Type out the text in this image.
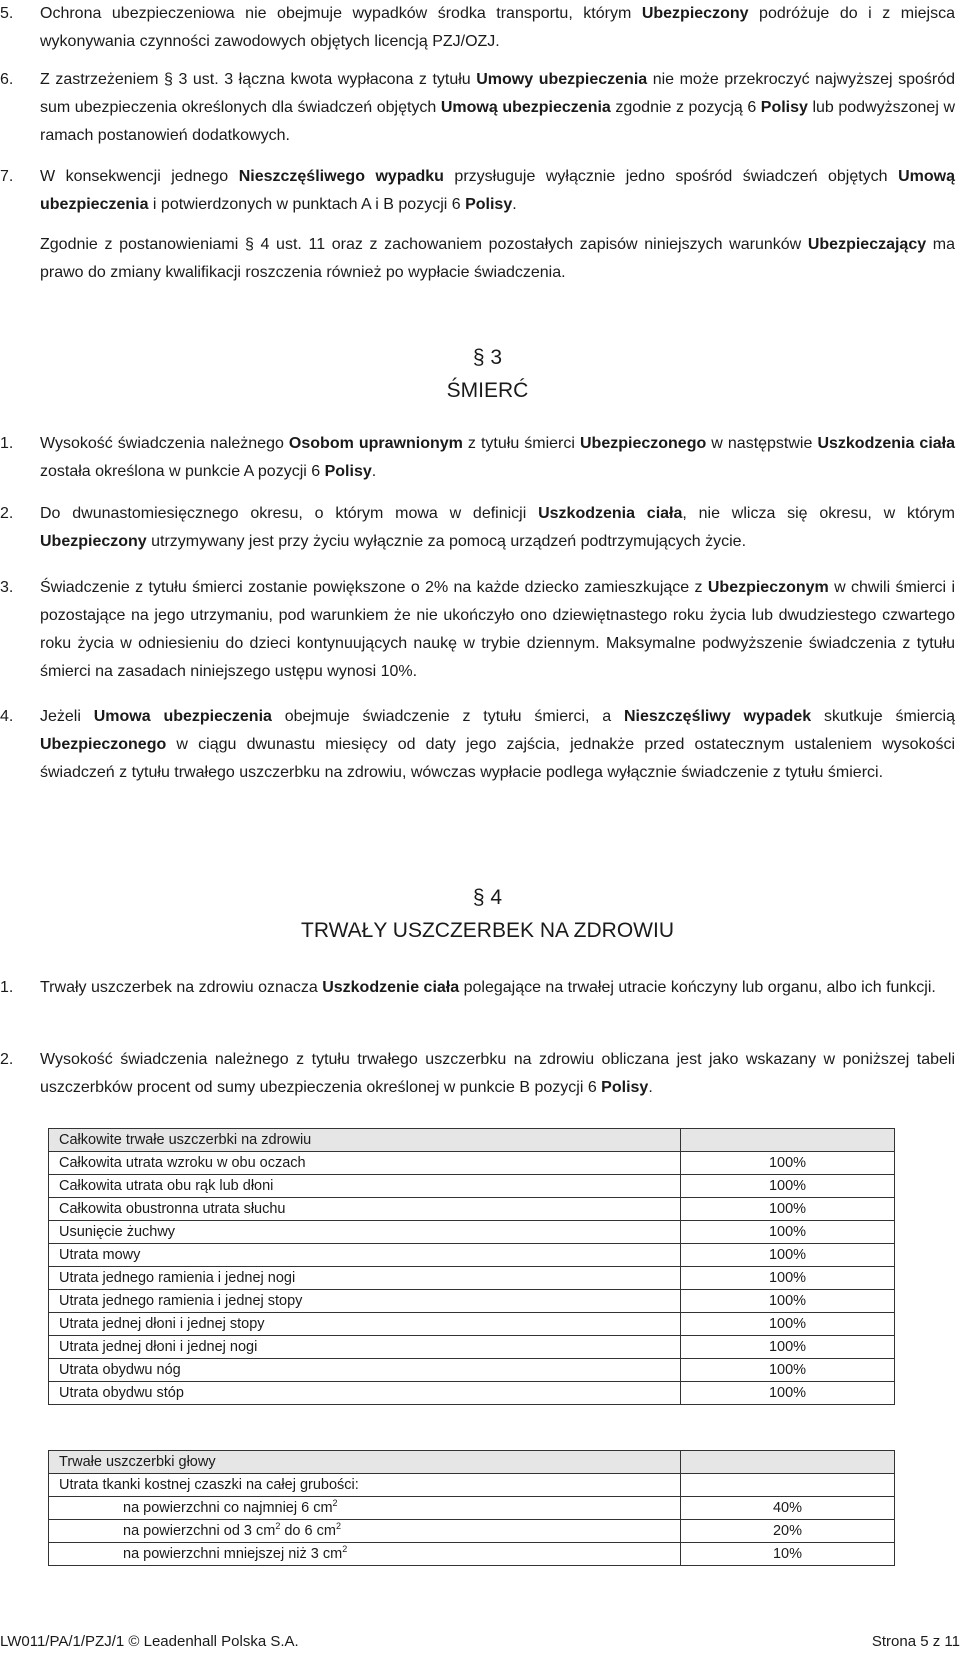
5. Ochrona ubezpieczeniowa nie obejmuje wypadków środka transportu, którym Ubezpieczony podróżuje do i z miejsca wykonywania czynności zawodowych objętych licencją PZJ/OZJ.
6. Z zastrzeżeniem § 3 ust. 3 łączna kwota wypłacona z tytułu Umowy ubezpieczenia nie może przekroczyć najwyższej spośród sum ubezpieczenia określonych dla świadczeń objętych Umową ubezpieczenia zgodnie z pozycją 6 Polisy lub podwyższonej w ramach postanowień dodatkowych.
7. W konsekwencji jednego Nieszczęśliwego wypadku przysługuje wyłącznie jedno spośród świadczeń objętych Umową ubezpieczenia i potwierdzonych w punktach A i B pozycji 6 Polisy.
Zgodnie z postanowieniami § 4 ust. 11 oraz z zachowaniem pozostałych zapisów niniejszych warunków Ubezpieczający ma prawo do zmiany kwalifikacji roszczenia również po wypłacie świadczenia.
§ 3
ŚMIERĆ
1. Wysokość świadczenia należnego Osobom uprawnionym z tytułu śmierci Ubezpieczonego w następstwie Uszkodzenia ciała została określona w punkcie A pozycji 6 Polisy.
2. Do dwunastomiesięcznego okresu, o którym mowa w definicji Uszkodzenia ciała, nie wlicza się okresu, w którym Ubezpieczony utrzymywany jest przy życiu wyłącznie za pomocą urządzeń podtrzymujących życie.
3. Świadczenie z tytułu śmierci zostanie powiększone o 2% na każde dziecko zamieszkujące z Ubezpieczonym w chwili śmierci i pozostające na jego utrzymaniu, pod warunkiem że nie ukończyło ono dziewiętnastego roku życia lub dwudziestego czwartego roku życia w odniesieniu do dzieci kontynuujących naukę w trybie dziennym. Maksymalne podwyższenie świadczenia z tytułu śmierci na zasadach niniejszego ustępu wynosi 10%.
4. Jeżeli Umowa ubezpieczenia obejmuje świadczenie z tytułu śmierci, a Nieszczęśliwy wypadek skutkuje śmiercią Ubezpieczonego w ciągu dwunastu miesięcy od daty jego zajścia, jednakże przed ostatecznym ustaleniem wysokości świadczeń z tytułu trwałego uszczerbku na zdrowiu, wówczas wypłacie podlega wyłącznie świadczenie z tytułu śmierci.
§ 4
TRWAŁY USZCZERBEK NA ZDROWIU
1. Trwały uszczerbek na zdrowiu oznacza Uszkodzenie ciała polegające na trwałej utracie kończyny lub organu, albo ich funkcji.
2. Wysokość świadczenia należnego z tytułu trwałego uszczerbku na zdrowiu obliczana jest jako wskazany w poniższej tabeli uszczerbków procent od sumy ubezpieczenia określonej w punkcie B pozycji 6 Polisy.
Całkowite trwałe uszczerbki na zdrowiu	
Całkowita utrata wzroku w obu oczach	100%
Całkowita utrata obu rąk lub dłoni	100%
Całkowita obustronna utrata słuchu	100%
Usunięcie żuchwy	100%
Utrata mowy	100%
Utrata jednego ramienia i jednej nogi	100%
Utrata jednego ramienia i jednej stopy	100%
Utrata jednej dłoni i jednej stopy	100%
Utrata jednej dłoni i jednej nogi	100%
Utrata obydwu nóg	100%
Utrata obydwu stóp	100%
Trwałe uszczerbki głowy	
Utrata tkanki kostnej czaszki na całej grubości:	
na powierzchni co najmniej 6 $cm^2$	40%
na powierzchni od 3 $cm^2$ do 6 $cm^2$	20%
na powierzchni mniejszej niż 3 $cm^2$	10%
LW011/PA/1/PZJ/1 © Leadenhall Polska S.A.	Strona 5 z 11
